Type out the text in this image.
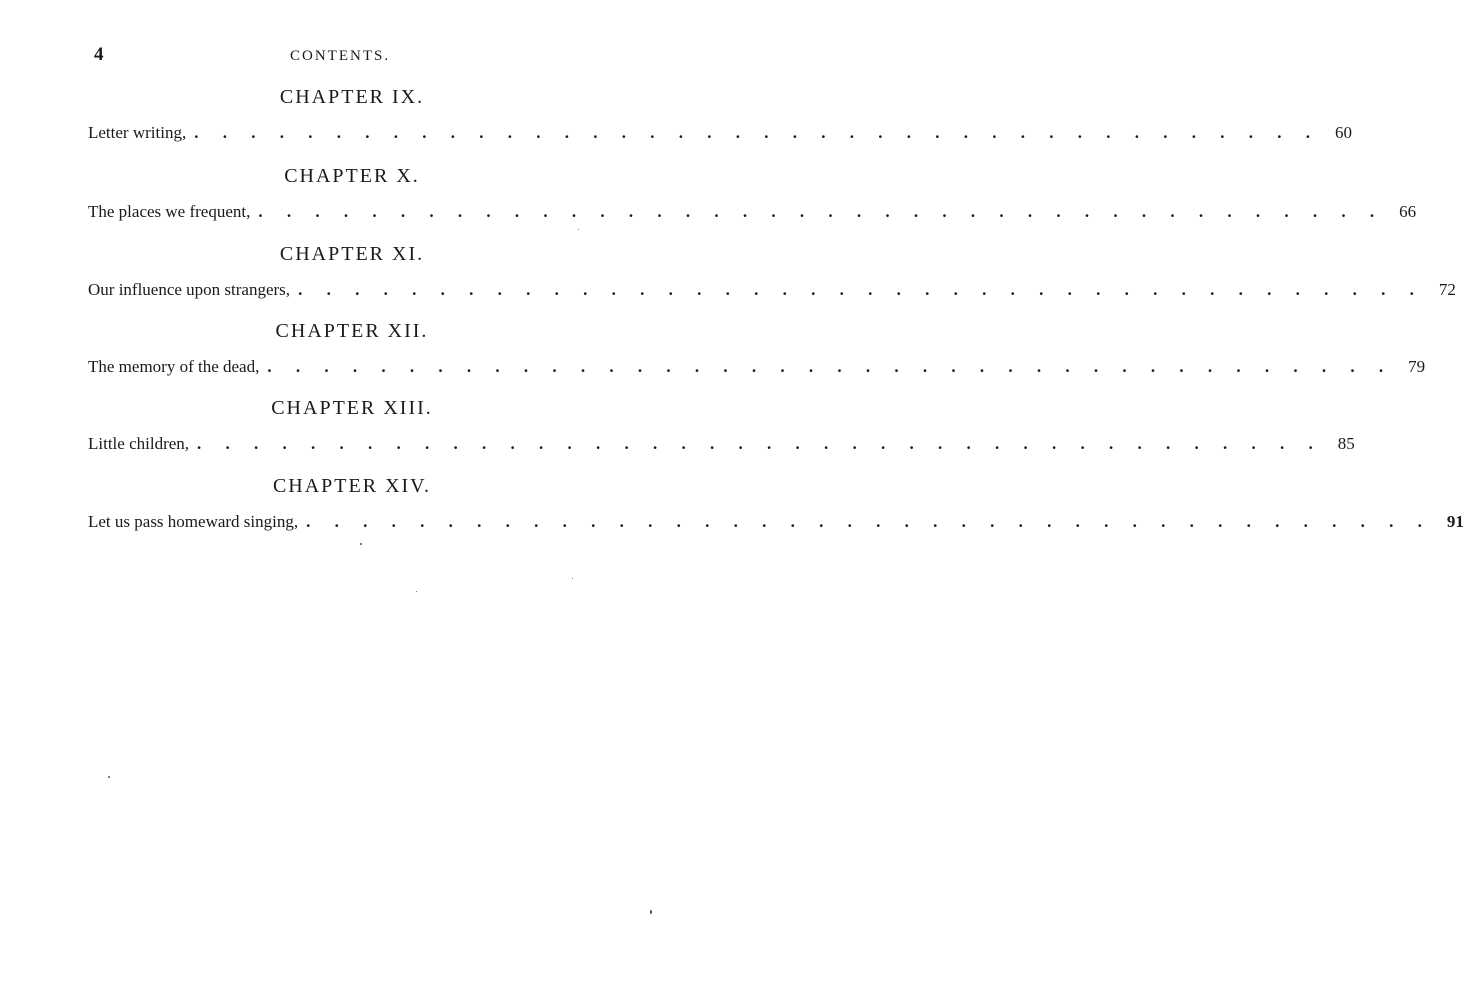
4	CONTENTS.
CHAPTER IX.
Letter writing, . . . . . . . . . . . . . . . . . . . . . . . . . . . . . . . . . . . . . . . . 60
CHAPTER X.
The places we frequent, . . . . . . . . . . . . . . . . . . . . . . . . . . . . . . . . . . . . . . . . 66
CHAPTER XI.
Our influence upon strangers, . . . . . . . . . . . . . . . . . . . . . . . . . . . . . . . . . . . . . . . . 72
CHAPTER XII.
The memory of the dead, . . . . . . . . . . . . . . . . . . . . . . . . . . . . . . . . . . . . . . . . 79
CHAPTER XIII.
Little children, . . . . . . . . . . . . . . . . . . . . . . . . . . . . . . . . . . . . . . . . 85
CHAPTER XIV.
Let us pass homeward singing, . . . . . . . . . . . . . . . . . . . . . . . . . . . . . . . . . . . . . . . . 91
